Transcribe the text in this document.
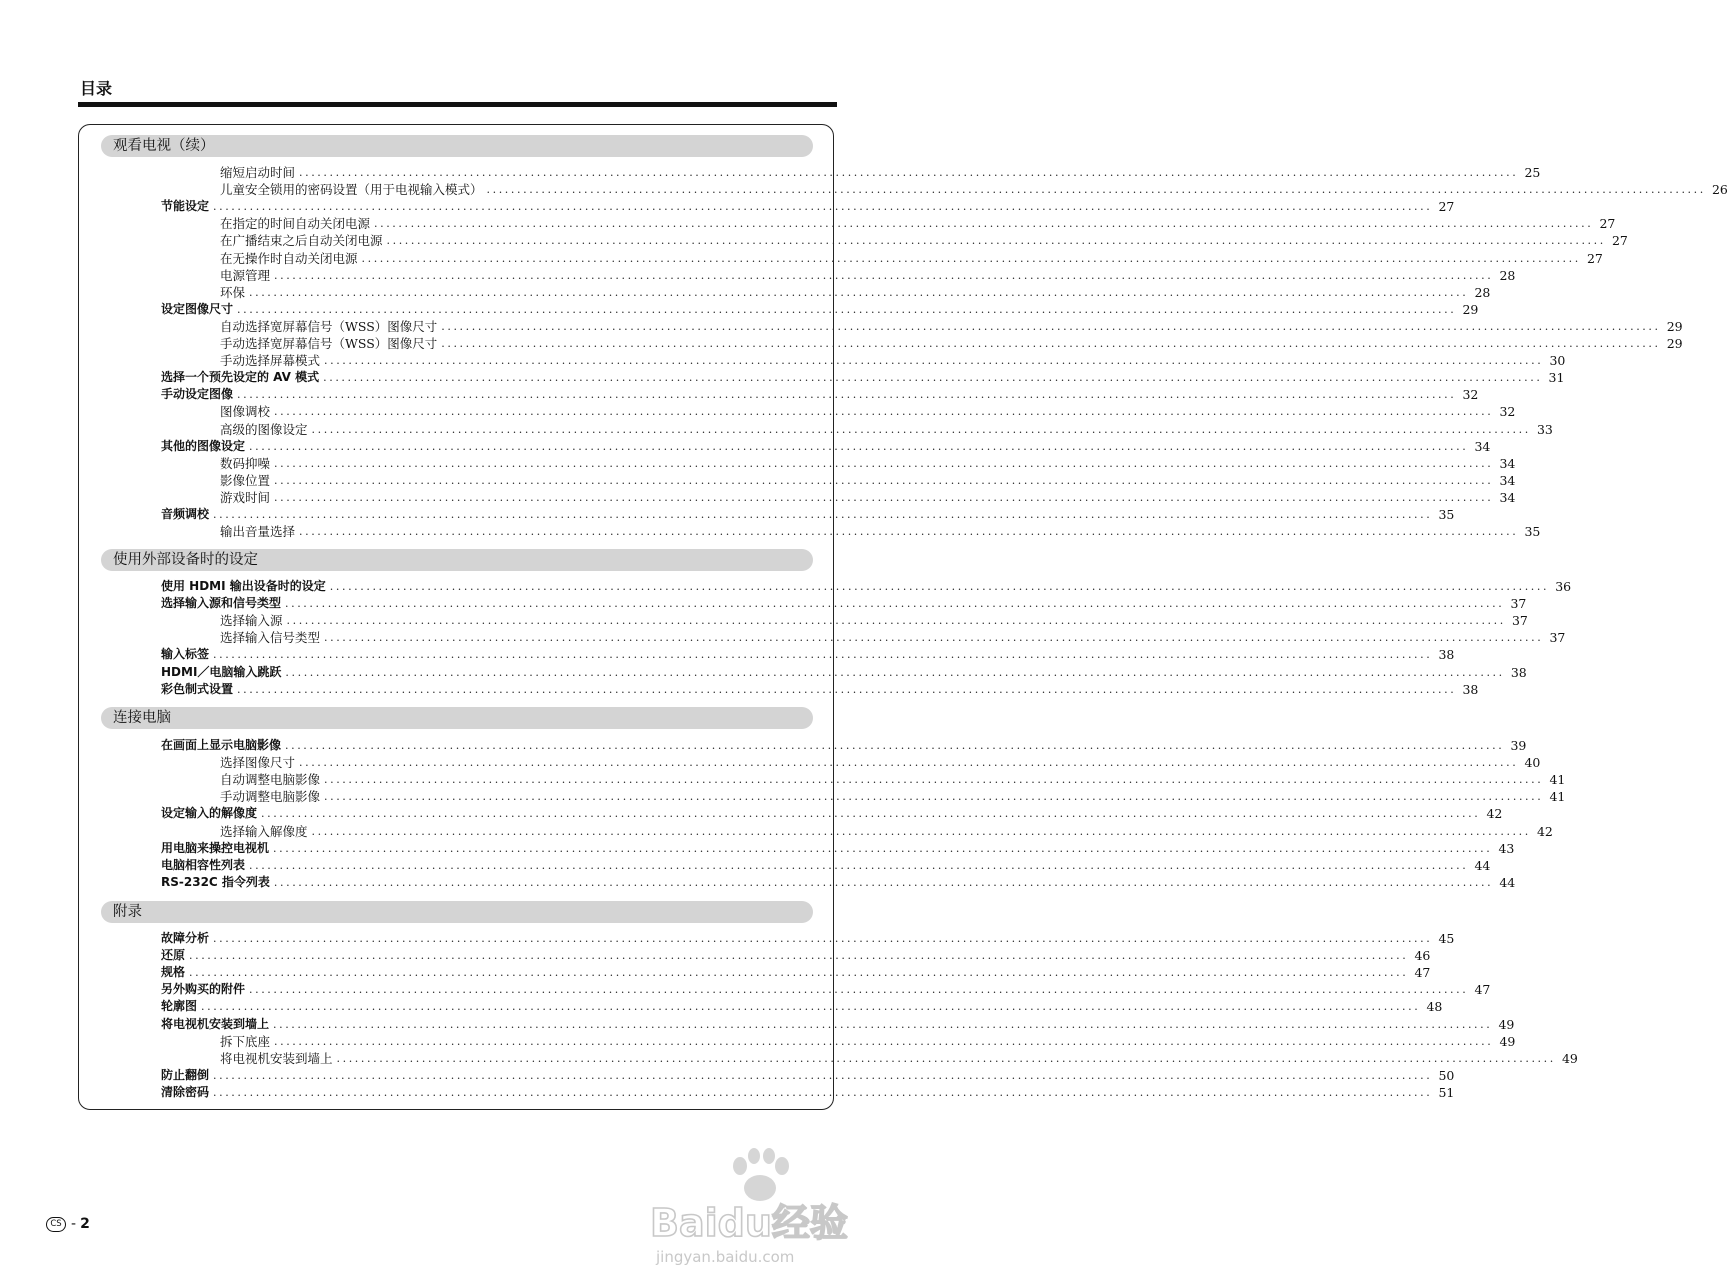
目录
观看电视（续）
缩短启动时间 ........................................................................................................................................................................................................ 25
儿童安全锁用的密码设置（用于电视输入模式） ........................................................................................................................................................................................................ 26
节能设定 ........................................................................................................................................................................................................ 27
在指定的时间自动关闭电源 ........................................................................................................................................................................................................ 27
在广播结束之后自动关闭电源 ........................................................................................................................................................................................................ 27
在无操作时自动关闭电源 ........................................................................................................................................................................................................ 27
电源管理 ........................................................................................................................................................................................................ 28
环保 ........................................................................................................................................................................................................ 28
设定图像尺寸 ........................................................................................................................................................................................................ 29
自动选择宽屏幕信号（WSS）图像尺寸 ........................................................................................................................................................................................................ 29
手动选择宽屏幕信号（WSS）图像尺寸 ........................................................................................................................................................................................................ 29
手动选择屏幕模式 ........................................................................................................................................................................................................ 30
选择一个预先设定的 AV 模式 ........................................................................................................................................................................................................ 31
手动设定图像 ........................................................................................................................................................................................................ 32
图像调校 ........................................................................................................................................................................................................ 32
高级的图像设定 ........................................................................................................................................................................................................ 33
其他的图像设定 ........................................................................................................................................................................................................ 34
数码抑噪 ........................................................................................................................................................................................................ 34
影像位置 ........................................................................................................................................................................................................ 34
游戏时间 ........................................................................................................................................................................................................ 34
音频调校 ........................................................................................................................................................................................................ 35
输出音量选择 ........................................................................................................................................................................................................ 35
使用外部设备时的设定
使用 HDMI 输出设备时的设定 ........................................................................................................................................................................................................ 36
选择输入源和信号类型 ........................................................................................................................................................................................................ 37
选择输入源 ........................................................................................................................................................................................................ 37
选择输入信号类型 ........................................................................................................................................................................................................ 37
输入标签 ........................................................................................................................................................................................................ 38
HDMI／电脑输入跳跃 ........................................................................................................................................................................................................ 38
彩色制式设置 ........................................................................................................................................................................................................ 38
连接电脑
在画面上显示电脑影像 ........................................................................................................................................................................................................ 39
选择图像尺寸 ........................................................................................................................................................................................................ 40
自动调整电脑影像 ........................................................................................................................................................................................................ 41
手动调整电脑影像 ........................................................................................................................................................................................................ 41
设定输入的解像度 ........................................................................................................................................................................................................ 42
选择输入解像度 ........................................................................................................................................................................................................ 42
用电脑来操控电视机 ........................................................................................................................................................................................................ 43
电脑相容性列表 ........................................................................................................................................................................................................ 44
RS-232C 指令列表 ........................................................................................................................................................................................................ 44
附录
故障分析 ........................................................................................................................................................................................................ 45
还原 ........................................................................................................................................................................................................ 46
规格 ........................................................................................................................................................................................................ 47
另外购买的附件 ........................................................................................................................................................................................................ 47
轮廓图 ........................................................................................................................................................................................................ 48
将电视机安装到墙上 ........................................................................................................................................................................................................ 49
拆下底座 ........................................................................................................................................................................................................ 49
将电视机安装到墙上 ........................................................................................................................................................................................................ 49
防止翻倒 ........................................................................................................................................................................................................ 50
清除密码 ........................................................................................................................................................................................................ 51
CS - 2	Baidu经验
jingyan.baidu.com
